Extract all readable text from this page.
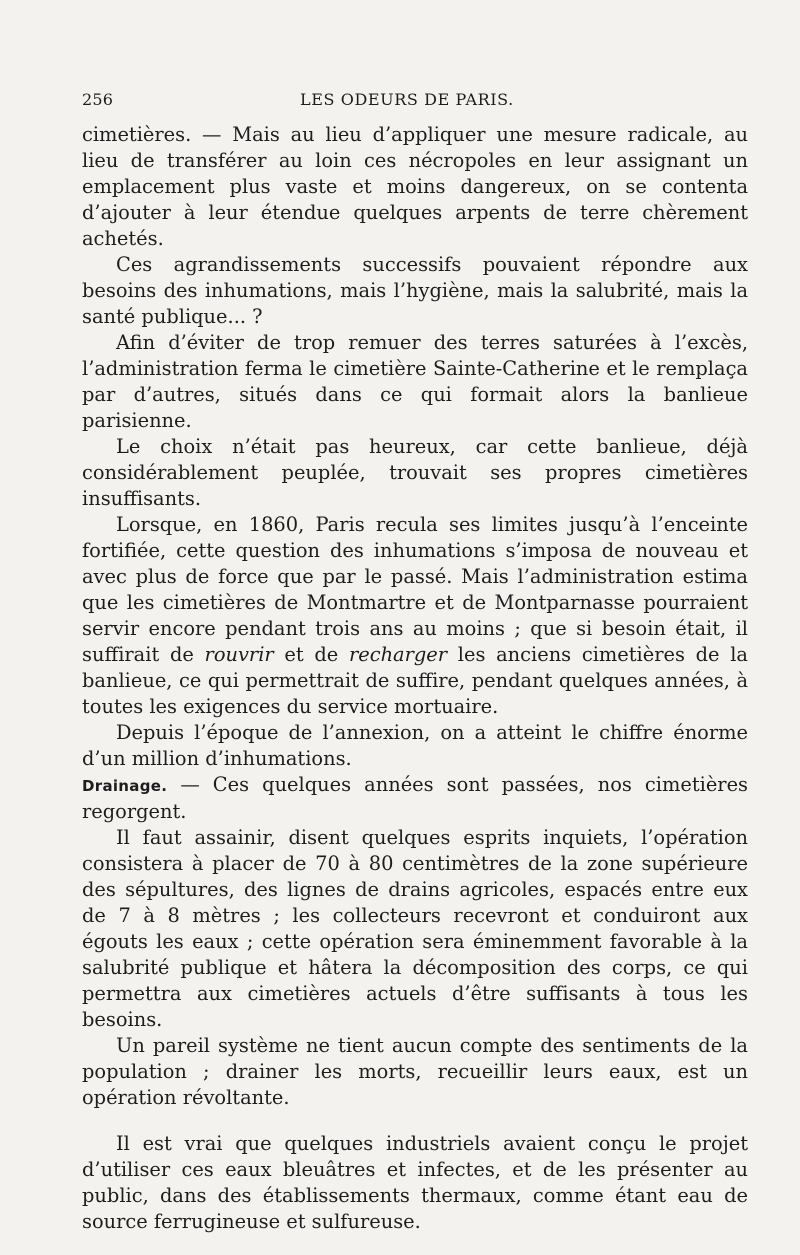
256	LES ODEURS DE PARIS.

cimetières. — Mais au lieu d’appliquer une mesure radicale, au lieu de transférer au loin ces nécropoles en leur assignant un emplacement plus vaste et moins dangereux, on se contenta d’ajouter à leur étendue quelques arpents de terre chèrement achetés.

Ces agrandissements successifs pouvaient répondre aux besoins des inhumations, mais l’hygiène, mais la salubrité, mais la santé publique... ?

Afin d’éviter de trop remuer des terres saturées à l’excès, l’administration ferma le cimetière Sainte-Catherine et le remplaça par d’autres, situés dans ce qui formait alors la banlieue parisienne.

Le choix n’était pas heureux, car cette banlieue, déjà considérablement peuplée, trouvait ses propres cimetières insuffisants.

Lorsque, en 1860, Paris recula ses limites jusqu’à l’enceinte fortifiée, cette question des inhumations s’imposa de nouveau et avec plus de force que par le passé. Mais l’administration estima que les cimetières de Montmartre et de Montparnasse pourraient servir encore pendant trois ans au moins ; que si besoin était, il suffirait de rouvrir et de recharger les anciens cimetières de la banlieue, ce qui permettrait de suffire, pendant quelques années, à toutes les exigences du service mortuaire.

Depuis l’époque de l’annexion, on a atteint le chiffre énorme d’un million d’inhumations.

Drainage. — Ces quelques années sont passées, nos cimetières regorgent.

Il faut assainir, disent quelques esprits inquiets, l’opération consistera à placer de 70 à 80 centimètres de la zone supérieure des sépultures, des lignes de drains agricoles, espacés entre eux de 7 à 8 mètres ; les collecteurs recevront et conduiront aux égouts les eaux ; cette opération sera éminemment favorable à la salubrité publique et hâtera la décomposition des corps, ce qui permettra aux cimetières actuels d’être suffisants à tous les besoins.

Un pareil système ne tient aucun compte des sentiments de la population ; drainer les morts, recueillir leurs eaux, est un opération révoltante.

Il est vrai que quelques industriels avaient conçu le projet d’utiliser ces eaux bleuâtres et infectes, et de les présenter au public, dans des établissements thermaux, comme étant eau de source ferrugineuse et sulfureuse.
